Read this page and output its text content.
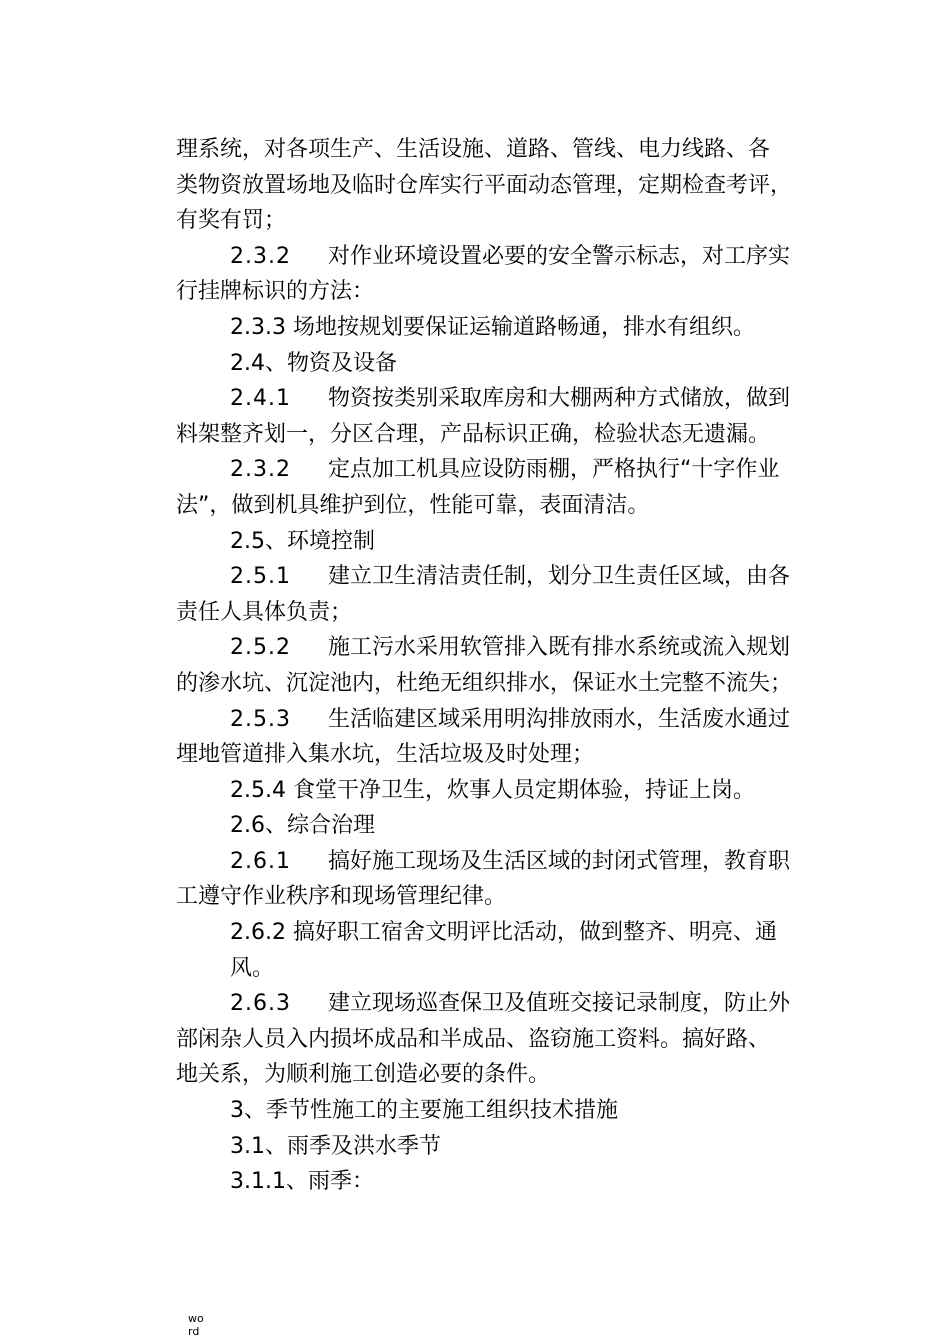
理系统，对各项生产、生活设施、道路、管线、电力线路、各
类物资放置场地及临时仓库实行平面动态管理，定期检查考评，
有奖有罚；
2.3.2 对作业环境设置必要的安全警示标志，对工序实
行挂牌标识的方法：
2.3.3 场地按规划要保证运输道路畅通，排水有组织。
2.4、物资及设备
2.4.1 物资按类别采取库房和大棚两种方式储放，做到
料架整齐划一，分区合理，产品标识正确，检验状态无遗漏。
2.3.2 定点加工机具应设防雨棚，严格执行“十字作业
法”，做到机具维护到位，性能可靠，表面清洁。
2.5、环境控制
2.5.1 建立卫生清洁责任制，划分卫生责任区域，由各
责任人具体负责；
2.5.2 施工污水采用软管排入既有排水系统或流入规划
的渗水坑、沉淀池内，杜绝无组织排水，保证水土完整不流失；
2.5.3 生活临建区域采用明沟排放雨水，生活废水通过
埋地管道排入集水坑，生活垃圾及时处理；
2.5.4 食堂干净卫生，炊事人员定期体验，持证上岗。
2.6、综合治理
2.6.1 搞好施工现场及生活区域的封闭式管理，教育职
工遵守作业秩序和现场管理纪律。
2.6.2 搞好职工宿舍文明评比活动，做到整齐、明亮、通
风。
2.6.3 建立现场巡查保卫及值班交接记录制度，防止外
部闲杂人员入内损坏成品和半成品、盗窃施工资料。搞好路、
地关系，为顺利施工创造必要的条件。
3、季节性施工的主要施工组织技术措施
3.1、雨季及洪水季节
3.1.1、雨季：
wo
rd
